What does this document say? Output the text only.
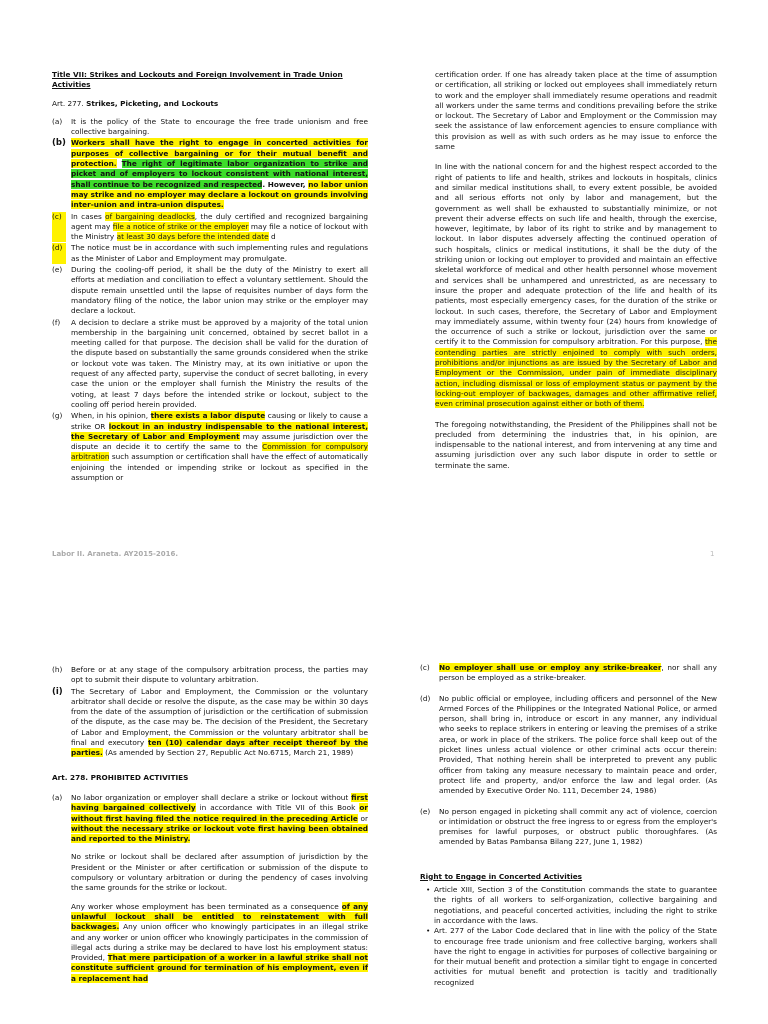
Title VII: Strikes and Lockouts and Foreign Involvement in Trade Union Activities

Art. 277. Strikes, Picketing, and Lockouts

(a)	It is the policy of the State to encourage the free trade unionism and free collective bargaining.
(b) Workers shall have the right to engage in concerted activities for purposes of collective bargaining or for their mutual benefit and protection. The right of legitimate labor organization to strike and picket and of employers to lockout consistent with national interest, shall continue to be recognized and respected. However, no labor union may strike and no employer may declare a lockout on grounds involving inter-union and intra-union disputes.
(c)	In cases of bargaining deadlocks, the duly certified and recognized bargaining agent may file a notice of strike or the employer may file a notice of lockout with the Ministry at least 30 days before the intended date d
(d)	The notice must be in accordance with such implementing rules and regulations as the Minister of Labor and Employment may promulgate.
(e)	During the cooling-off period, it shall be the duty of the Ministry to exert all efforts at mediation and conciliation to effect a voluntary settlement. Should the dispute remain unsettled until the lapse of requisites number of days form the mandatory filing of the notice, the labor union may strike or the employer may declare a lockout.
(f)	A decision to declare a strike must be approved by a majority of the total union membership in the bargaining unit concerned, obtained by secret ballot in a meeting called for that purpose. The decision shall be valid for the duration of the dispute based on substantially the same grounds considered when the strike or lockout vote was taken. The Ministry may, at its own initiative or upon the request of any affected party, supervise the conduct of secret balloting, in every case the union or the employer shall furnish the Ministry the results of the voting, at least 7 days before the intended strike or lockout, subject to the cooling off period herein provided.
(g)	When, in his opinion, there exists a labor dispute causing or likely to cause a strike OR lockout in an industry indispensable to the national interest, the Secretary of Labor and Employment may assume jurisdiction over the dispute an decide it to certify the same to the Commission for compulsory arbitration such assumption or certification shall have the effect of automatically enjoining the intended or impending strike or lockout as specified in the assumption or

certification order. If one has already taken place at the time of assumption or certification, all striking or locked out employees shall immediately return to work and the employer shall immediately resume operations and readmit all workers under the same terms and conditions prevailing before the strike or lockout. The Secretary of Labor and Employment or the Commission may seek the assistance of law enforcement agencies to ensure compliance with this provision as well as with such orders as he may issue to enforce the same

In line with the national concern for and the highest respect accorded to the right of patients to life and health, strikes and lockouts in hospitals, clinics and similar medical institutions shall, to every extent possible, be avoided and all serious efforts not only by labor and management, but the government as well shall be exhausted to substantially minimize, or not prevent their adverse effects on such life and health, through the exercise, however, legitimate, by labor of its right to strike and by management to lockout. In labor disputes adversely affecting the continued operation of such hospitals, clinics or medical institutions, it shall be the duty of the striking union or locking out employer to provided and maintain an effective skeletal workforce of medical and other health personnel whose movement and services shall be unhampered and unrestricted, as are necessary to insure the proper and adequate protection of the life and health of its patients, most especially emergency cases, for the duration of the strike or lockout. In such cases, therefore, the Secretary of Labor and Employment may immediately assume, within twenty four (24) hours from knowledge of the occurrence of such a strike or lockout, jurisdiction over the same or certify it to the Commission for compulsory arbitration. For this purpose, the contending parties are strictly enjoined to comply with such orders, prohibitions and/or injunctions as are issued by the Secretary of Labor and Employment or the Commission, under pain of immediate disciplinary action, including dismissal or loss of employment status or payment by the locking-out employer of backwages, damages and other affirmative relief, even criminal prosecution against either or both of them.

The foregoing notwithstanding, the President of the Philippines shall not be precluded from determining the industries that, in his opinion, are indispensable to the national interest, and from intervening at any time and assuming jurisdiction over any such labor dispute in order to settle or terminate the same.

Labor II. Araneta. AY2015-2016.	1
(h)	Before or at any stage of the compulsory arbitration process, the parties may opt to submit their dispute to voluntary arbitration.
(i)	The Secretary of Labor and Employment, the Commission or the voluntary arbitrator shall decide or resolve the dispute, as the case may be within 30 days from the date of the assumption of jurisdiction or the certification of submission of the dispute, as the case may be. The decision of the President, the Secretary of Labor and Employment, the Commission or the voluntary arbitrator shall be final and executory ten (10) calendar days after receipt thereof by the parties. (As amended by Section 27, Republic Act No.6715, March 21, 1989)

Art. 278. PROHIBITED ACTIVITIES

(a)	No labor organization or employer shall declare a strike or lockout without first having bargained collectively in accordance with Title VII of this Book or without first having filed the notice required in the preceding Article or without the necessary strike or lockout vote first having been obtained and reported to the Ministry.

No strike or lockout shall be declared after assumption of jurisdiction by the President or the Minister or after certification or submission of the dispute to compulsory or voluntary arbitration or during the pendency of cases involving the same grounds for the strike or lockout.

Any worker whose employment has been terminated as a consequence of any unlawful lockout shall be entitled to reinstatement with full backwages. Any union officer who knowingly participates in an illegal strike and any worker or union officer who knowingly participates in the commission of illegal acts during a strike may be declared to have lost his employment status: Provided, That mere participation of a worker in a lawful strike shall not constitute sufficient ground for termination of his employment, even if a replacement had

(c)	No employer shall use or employ any strike-breaker, nor shall any person be employed as a strike-breaker.
(d)	No public official or employee, including officers and personnel of the New Armed Forces of the Philippines or the Integrated National Police, or armed person, shall bring in, introduce or escort in any manner, any individual who seeks to replace strikers in entering or leaving the premises of a strike area, or work in place of the strikers. The police force shall keep out of the picket lines unless actual violence or other criminal acts occur therein: Provided, That nothing herein shall be interpreted to prevent any public officer from taking any measure necessary to maintain peace and order, protect life and property, and/or enforce the law and legal order. (As amended by Executive Order No. 111, December 24, 1986)
(e)	No person engaged in picketing shall commit any act of violence, coercion or intimidation or obstruct the free ingress to or egress from the employer's premises for lawful purposes, or obstruct public thoroughfares. (As amended by Batas Pambansa Bilang 227, June 1, 1982)

Right to Engage in Concerted Activities

• Article XIII, Section 3 of the Constitution commands the state to guarantee the rights of all workers to self-organization, collective bargaining and negotiations, and peaceful concerted activities, including the right to strike in accordance with the laws.
• Art. 277 of the Labor Code declared that in line with the policy of the State to encourage free trade unionism and free collective barging, workers shall have the right to engage in activities for purposes of collective bargaining or for their mutual benefit and protection a similar tight to engage in concerted activities for mutual benefit and protection is tacitly and traditionally recognized
